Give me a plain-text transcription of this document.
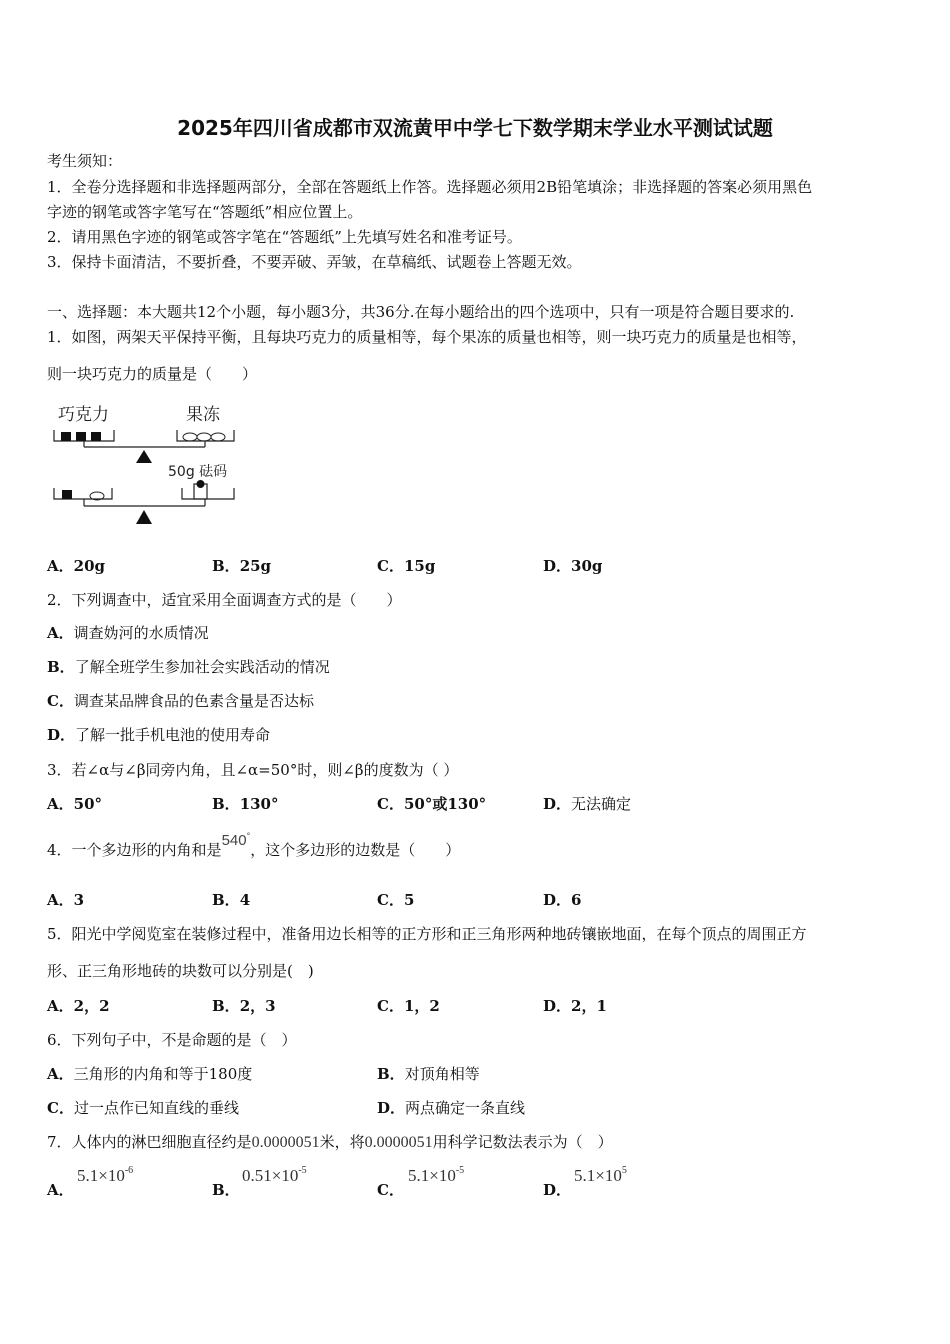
2025年四川省成都市双流黄甲中学七下数学期末学业水平测试试题
考生须知：
1．全卷分选择题和非选择题两部分，全部在答题纸上作答。选择题必须用2B铅笔填涂；非选择题的答案必须用黑色
字迹的钢笔或答字笔写在“答题纸”相应位置上。
2．请用黑色字迹的钢笔或答字笔在“答题纸”上先填写姓名和准考证号。
3．保持卡面清洁，不要折叠，不要弄破、弄皱，在草稿纸、试题卷上答题无效。
一、选择题：本大题共12个小题，每小题3分，共36分.在每小题给出的四个选项中，只有一项是符合题目要求的.
1．如图，两架天平保持平衡，且每块巧克力的质量相等，每个果冻的质量也相等，则一块巧克力的质量是也相等，
则一块巧克力的质量是（　　）
巧克力	果冻
50g 砝码
A．20g	B．25g	C．15g	D．30g
2．下列调查中，适宜采用全面调查方式的是（　　）
A．调查妫河的水质情况
B．了解全班学生参加社会实践活动的情况
C．调查某品牌食品的色素含量是否达标
D．了解一批手机电池的使用寿命
3．若∠α与∠β同旁内角，且∠α=50°时，则∠β的度数为（ ）
A．50°	B．130°	C．50°或130°	D．无法确定
4．一个多边形的内角和是540°，这个多边形的边数是（　　）
A．3	B．4	C．5	D．6
5．阳光中学阅览室在装修过程中，准备用边长相等的正方形和正三角形两种地砖镶嵌地面，在每个顶点的周围正方
形、正三角形地砖的块数可以分别是(　)
A．2，2	B．2，3	C．1，2	D．2，1
6．下列句子中，不是命题的是（　）
A．三角形的内角和等于180度	B．对顶角相等
C．过一点作已知直线的垂线	D．两点确定一条直线
7．人体内的淋巴细胞直径约是0.0000051米，将0.0000051用科学记数法表示为（　）
A．
$5.1\times 10^{-6}$
B．
$0.51\times 10^{-5}$
C．
$5.1\times 10^{-5}$
D．
$5.1\times 10^5$
